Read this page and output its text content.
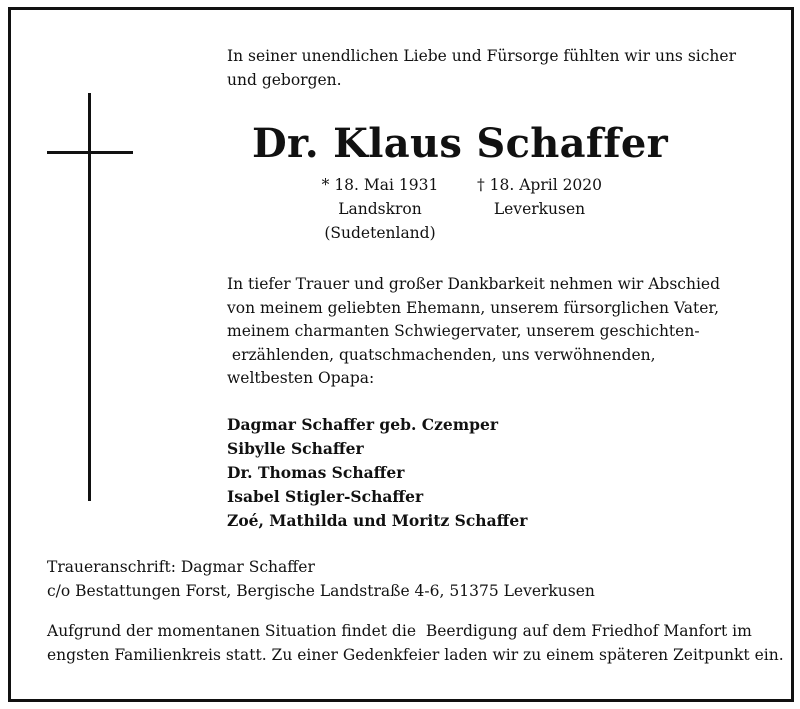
In seiner unendlichen Liebe und Fürsorge fühlten wir uns sicher
und geborgen.
Dr. Klaus Schaffer
* 18. Mai 1931
Landskron
(Sudetenland)
† 18. April 2020
Leverkusen
In tiefer Trauer und großer Dankbarkeit nehmen wir Abschied
von meinem geliebten Ehemann, unserem fürsorglichen Vater,
meinem charmanten Schwiegervater, unserem geschichten-
erzählenden, quatschmachenden, uns verwöhnenden,
weltbesten Opapa:
Dagmar Schaffer geb. Czemper
Sibylle Schaffer
Dr. Thomas Schaffer
Isabel Stigler-Schaffer
Zoé, Mathilda und Moritz Schaffer
Traueranschrift: Dagmar Schaffer
c/o Bestattungen Forst, Bergische Landstraße 4-6, 51375 Leverkusen
Aufgrund der momentanen Situation findet die  Beerdigung auf dem Friedhof Manfort im
engsten Familienkreis statt. Zu einer Gedenkfeier laden wir zu einem späteren Zeitpunkt ein.
